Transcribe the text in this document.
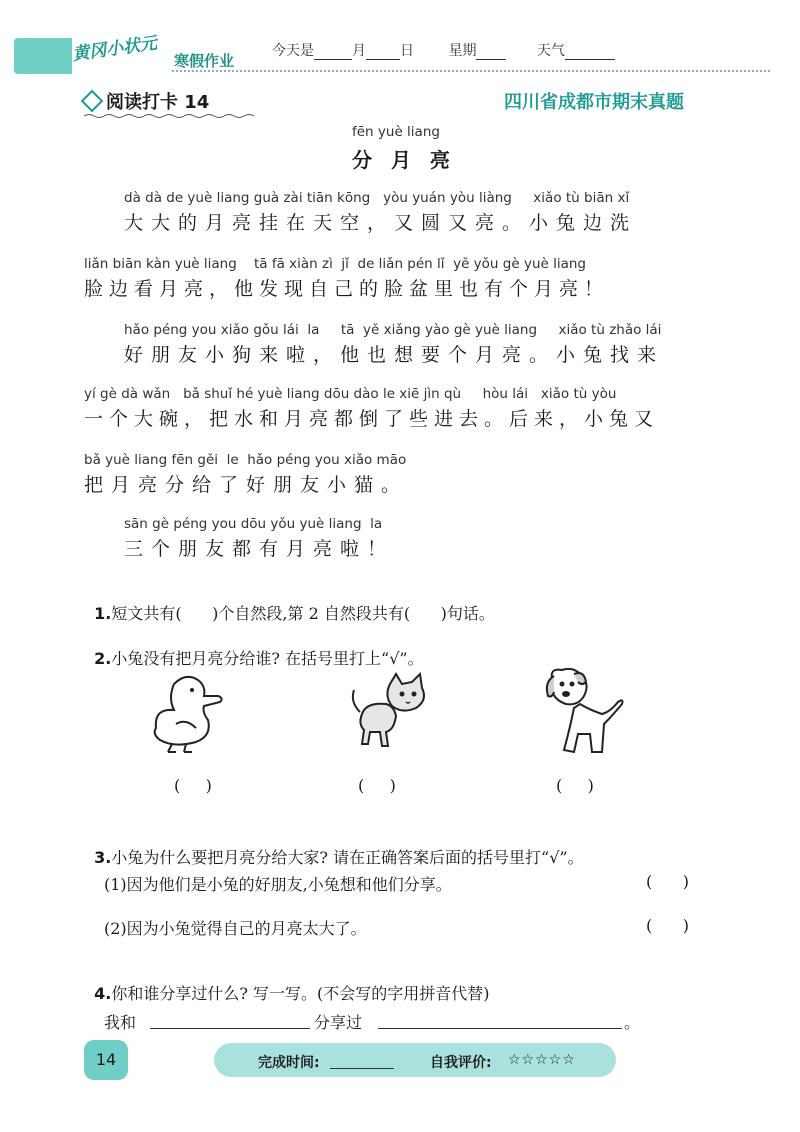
黄冈小状元 寒假作业
今天是	月 日 星期	天气
阅读打卡 14	四川省成都市期末真题
fēn yuè liang
分 月 亮
dà dà de yuè liang guà zài tiān kōng   yòu yuán yòu liàng     xiǎo tù biān xǐ
大大的月亮挂在天空，又圆又亮。小兔边洗
liǎn biān kàn yuè liang    tā fā xiàn zì  jǐ  de liǎn pén lǐ  yě yǒu gè yuè liang
脸边看月亮，他发现自己的脸盆里也有个月亮！
hǎo péng you xiǎo gǒu lái  la     tā  yě xiǎng yào gè yuè liang     xiǎo tù zhǎo lái
好朋友小狗来啦，他也想要个月亮。小兔找来
yí gè dà wǎn   bǎ shuǐ hé yuè liang dōu dào le xiē jìn qù     hòu lái   xiǎo tù yòu
一个大碗，把水和月亮都倒了些进去。后来，小兔又
bǎ yuè liang fēn gěi  le  hǎo péng you xiǎo māo
把月亮分给了好朋友小猫。
sān gè péng you dōu yǒu yuè liang  la
三个朋友都有月亮啦！

1.短文共有(      )个自然段,第 2 自然段共有(      )句话。

2.小兔没有把月亮分给谁? 在括号里打上“√”。

(     )	(     )	(     )

3.小兔为什么要把月亮分给大家? 请在正确答案后面的括号里打“√”。

(1)因为他们是小兔的好朋友,小兔想和他们分享。	(      )
(2)因为小兔觉得自己的月亮太大了。	(      )

4.你和谁分享过什么? 写一写。(不会写的字用拼音代替)

我和	分享过	。
14	完成时间:	自我评价: ☆☆☆☆☆
